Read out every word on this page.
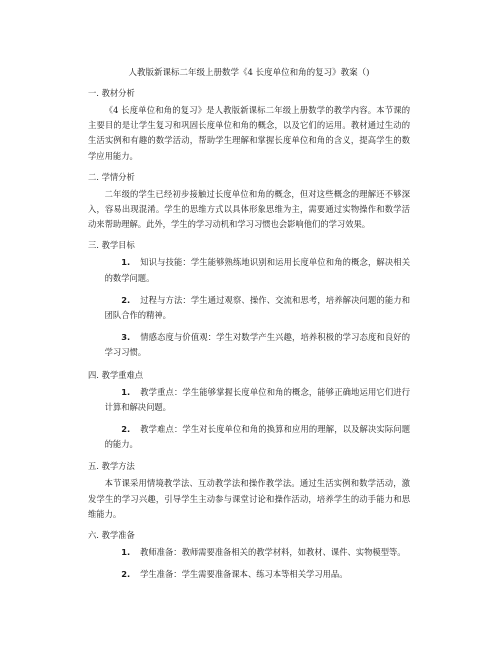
人教版新课标二年级上册数学《4 长度单位和角的复习》教案（)
一. 教材分析
《4 长度单位和角的复习》是人教版新课标二年级上册数学的教学内容。本节课的主要目的是让学生复习和巩固长度单位和角的概念，以及它们的运用。教材通过生动的生活实例和有趣的数学活动，帮助学生理解和掌握长度单位和角的含义，提高学生的数学应用能力。
二. 学情分析
二年级的学生已经初步接触过长度单位和角的概念，但对这些概念的理解还不够深入，容易出现混淆。学生的思维方式以具体形象思维为主，需要通过实物操作和数学活动来帮助理解。此外，学生的学习动机和学习习惯也会影响他们的学习效果。
三. 教学目标
1. 知识与技能：学生能够熟练地识别和运用长度单位和角的概念，解决相关的数学问题。
2. 过程与方法：学生通过观察、操作、交流和思考，培养解决问题的能力和团队合作的精神。
3. 情感态度与价值观：学生对数学产生兴趣，培养积极的学习态度和良好的学习习惯。
四. 教学重难点
1. 教学重点：学生能够掌握长度单位和角的概念，能够正确地运用它们进行计算和解决问题。
2. 教学难点：学生对长度单位和角的换算和应用的理解，以及解决实际问题的能力。
五. 教学方法
本节课采用情境教学法、互动教学法和操作教学法。通过生活实例和数学活动，激发学生的学习兴趣，引导学生主动参与课堂讨论和操作活动，培养学生的动手能力和思维能力。
六. 教学准备
1. 教师准备：教师需要准备相关的教学材料，如教材、课件、实物模型等。
2. 学生准备：学生需要准备课本、练习本等相关学习用品。
